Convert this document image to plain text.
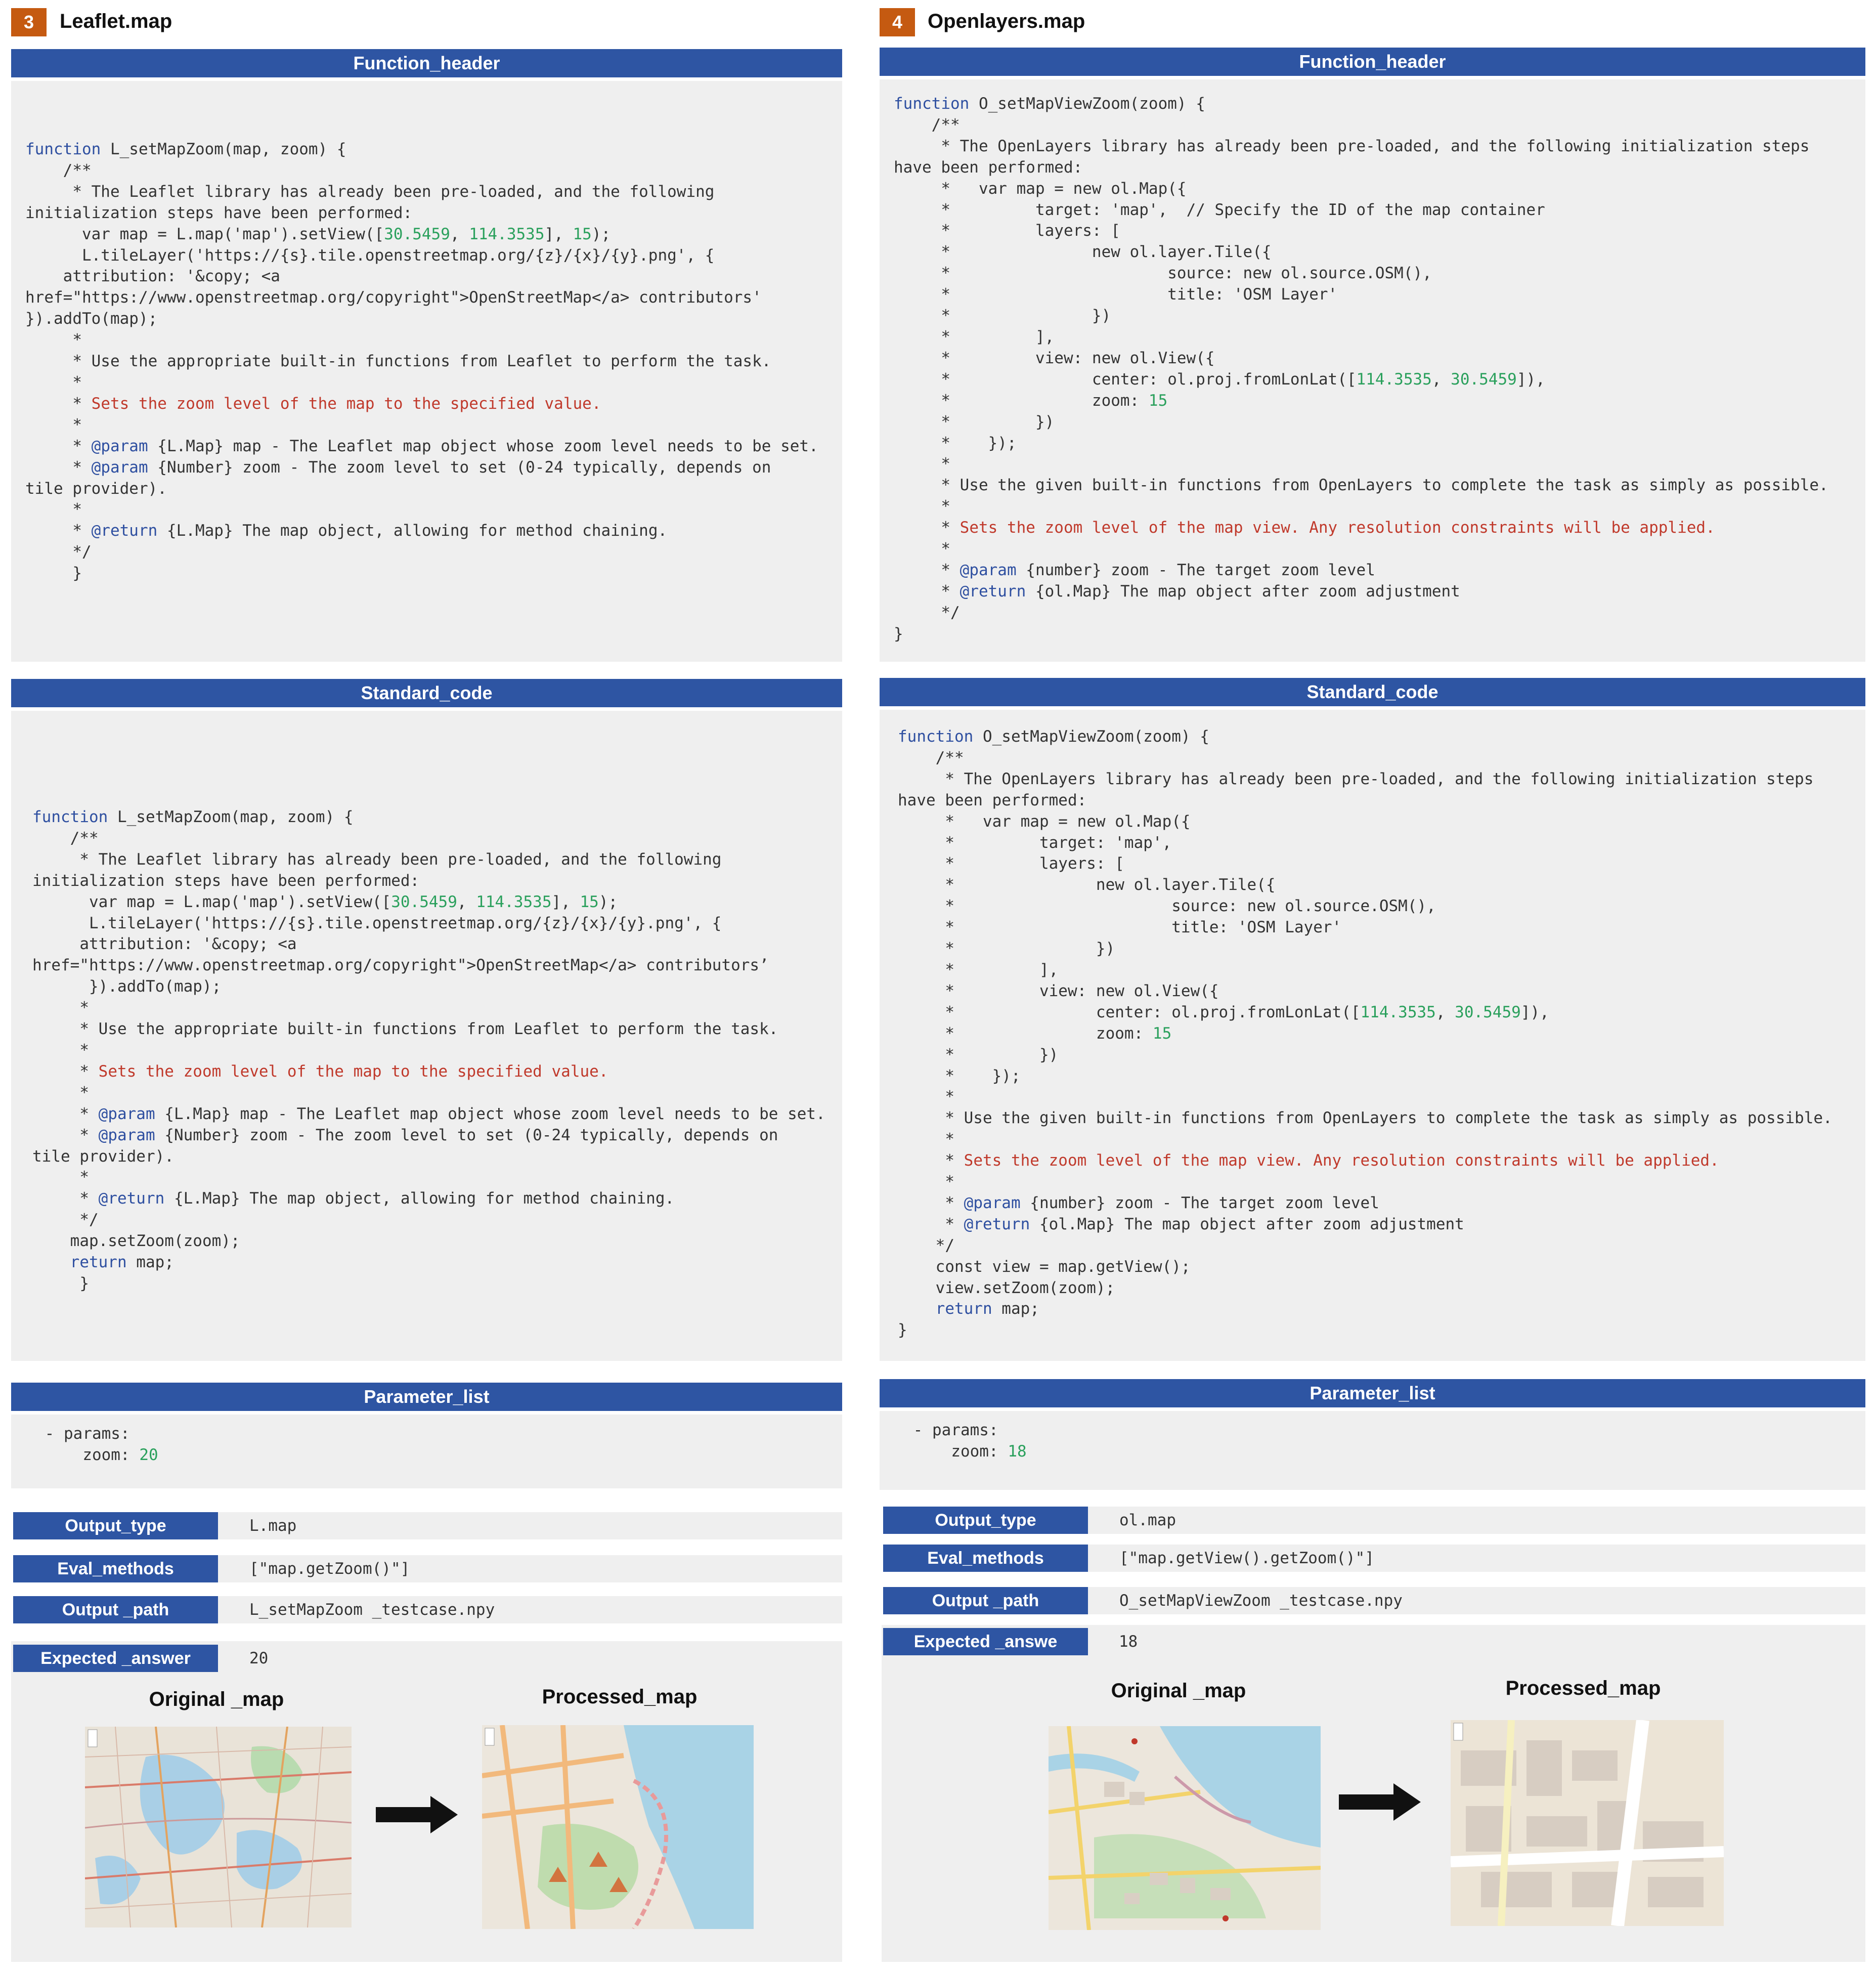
3	Leaflet.map
Function_header
function L_setMapZoom(map, zoom) {
/**
* The Leaflet library has already been pre-loaded, and the following
initialization steps have been performed:
var map = L.map('map').setView([30.5459, 114.3535], 15);
L.tileLayer('https://{s}.tile.openstreetmap.org/{z}/{x}/{y}.png', {
attribution: '&copy; <a
href="https://www.openstreetmap.org/copyright">OpenStreetMap</a> contributors'
}).addTo(map);
*
* Use the appropriate built-in functions from Leaflet to perform the task.
*
* Sets the zoom level of the map to the specified value.
*
* @param {L.Map} map - The Leaflet map object whose zoom level needs to be set.
* @param {Number} zoom - The zoom level to set (0-24 typically, depends on
tile provider).
*
* @return {L.Map} The map object, allowing for method chaining.
*/
}
Standard_code
function L_setMapZoom(map, zoom) {
/**
* The Leaflet library has already been pre-loaded, and the following
initialization steps have been performed:
var map = L.map('map').setView([30.5459, 114.3535], 15);
L.tileLayer('https://{s}.tile.openstreetmap.org/{z}/{x}/{y}.png', {
attribution: '&copy; <a
href="https://www.openstreetmap.org/copyright">OpenStreetMap</a> contributors’
}).addTo(map);
*
* Use the appropriate built-in functions from Leaflet to perform the task.
*
* Sets the zoom level of the map to the specified value.
*
* @param {L.Map} map - The Leaflet map object whose zoom level needs to be set.
* @param {Number} zoom - The zoom level to set (0-24 typically, depends on
tile provider).
*
* @return {L.Map} The map object, allowing for method chaining.
*/
map.setZoom(zoom);
return map;
}
Parameter_list
- params:
zoom: 20
Output_type	L.map
Eval_methods	["map.getZoom()"]
Output _path	L_setMapZoom _testcase.npy
Expected _answer	20
Original _map	Processed_map
4	Openlayers.map
Function_header
function O_setMapViewZoom(zoom) {
/**
* The OpenLayers library has already been pre-loaded, and the following initialization steps
have been performed:
*   var map = new ol.Map({
*         target: 'map',  // Specify the ID of the map container
*         layers: [
*               new ol.layer.Tile({
*                       source: new ol.source.OSM(),
*                       title: 'OSM Layer'
*               })
*         ],
*         view: new ol.View({
*               center: ol.proj.fromLonLat([114.3535, 30.5459]),
*               zoom: 15
*         })
*    });
*
* Use the given built-in functions from OpenLayers to complete the task as simply as possible.
*
* Sets the zoom level of the map view. Any resolution constraints will be applied.
*
* @param {number} zoom - The target zoom level
* @return {ol.Map} The map object after zoom adjustment
*/
}
Standard_code
function O_setMapViewZoom(zoom) {
/**
* The OpenLayers library has already been pre-loaded, and the following initialization steps
have been performed:
*   var map = new ol.Map({
*         target: 'map',
*         layers: [
*               new ol.layer.Tile({
*                       source: new ol.source.OSM(),
*                       title: 'OSM Layer'
*               })
*         ],
*         view: new ol.View({
*               center: ol.proj.fromLonLat([114.3535, 30.5459]),
*               zoom: 15
*         })
*    });
*
* Use the given built-in functions from OpenLayers to complete the task as simply as possible.
*
* Sets the zoom level of the map view. Any resolution constraints will be applied.
*
* @param {number} zoom - The target zoom level
* @return {ol.Map} The map object after zoom adjustment
*/
const view = map.getView();
view.setZoom(zoom);
return map;
}
Parameter_list
- params:
zoom: 18
Output_type	ol.map
Eval_methods	["map.getView().getZoom()"]
Output _path	O_setMapViewZoom _testcase.npy
Expected _answe	18
Original _map	Processed_map
